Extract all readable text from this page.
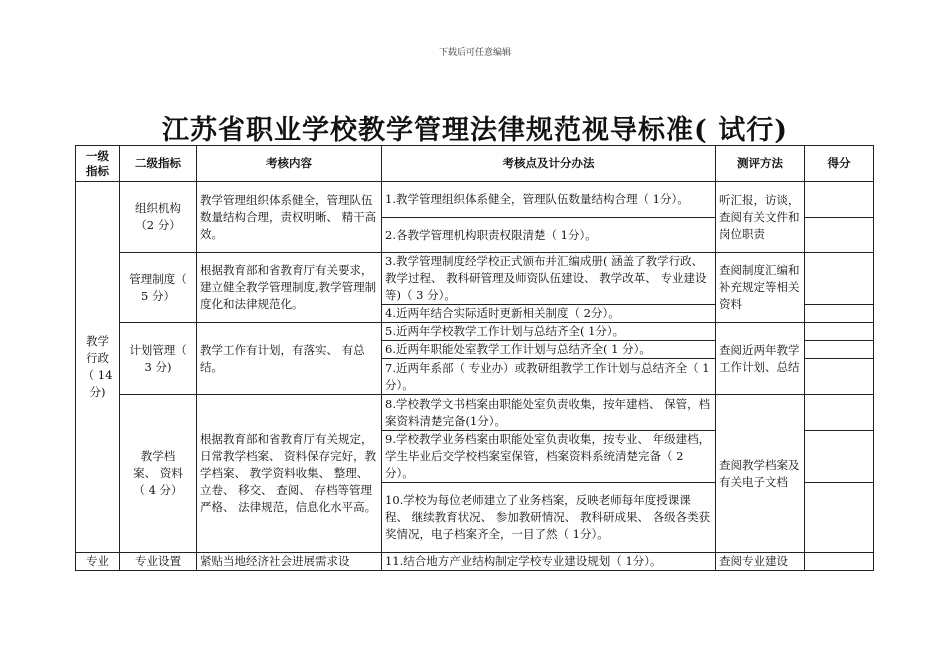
下载后可任意编辑
江苏省职业学校教学管理法律规范视导标准( 试行)
一级
指标	二级指标	考核内容	考核点及计分办法	测评方法	得分
教学
行政
（ 14
分)	组织机构
（2 分）	教学管理组织体系健全，管理队伍数量结构合理，责权明晰、 精干高效。	1.教学管理组织体系健全，管理队伍数量结构合理（ 1分）。	听汇报，访谈，查阅有关文件和岗位职责	
			2.各教学管理机构职责权限清楚（ 1分）。		
	管理制度（
5 分）	根据教育部和省教育厅有关要求，建立健全教学管理制度,教学管理制度化和法律规范化。	3.教学管理制度经学校正式颁布并汇编成册( 涵盖了教学行政、 教学过程、 教科研管理及师资队伍建设、 教学改革、 专业建设等)（ 3 分）。	查阅制度汇编和补充规定等相关资料	
			4.近两年结合实际适时更新相关制度（ 2分）。		
	计划管理（
3 分)	教学工作有计划，有落实、 有总结。	5.近两年学校教学工作计划与总结齐全( 1分）。	查阅近两年教学工作计划、总结	
			6.近两年职能处室教学工作计划与总结齐全( 1 分）。		
			7.近两年系部（ 专业办）或教研组教学工作计划与总结齐全（ 1分）。		
	教学档
案、 资料
（ 4 分）	根据教育部和省教育厅有关规定，日常教学档案、 资料保存完好，教学档案、 教学资料收集、 整理、 立卷、 移交、 查阅、 存档等管理严格、 法律规范，信息化水平高。	8.学校教学文书档案由职能处室负责收集，按年建档、 保管，档案资料清楚完备(1分）。	查阅教学档案及有关电子文档	
			9.学校教学业务档案由职能处室负责收集，按专业、 年级建档，学生毕业后交学校档案室保管，档案资料系统清楚完备（ 2分）。		
			10.学校为每位老师建立了业务档案，反映老师每年度授课课程、 继续教育状况、 参加教研情况、 教科研成果、 各级各类获奖情况，电子档案齐全，一目了然（ 1分）。		
专业	专业设置	紧贴当地经济社会进展需求设	11.结合地方产业结构制定学校专业建设规划（ 1分）。	查阅专业建设	
